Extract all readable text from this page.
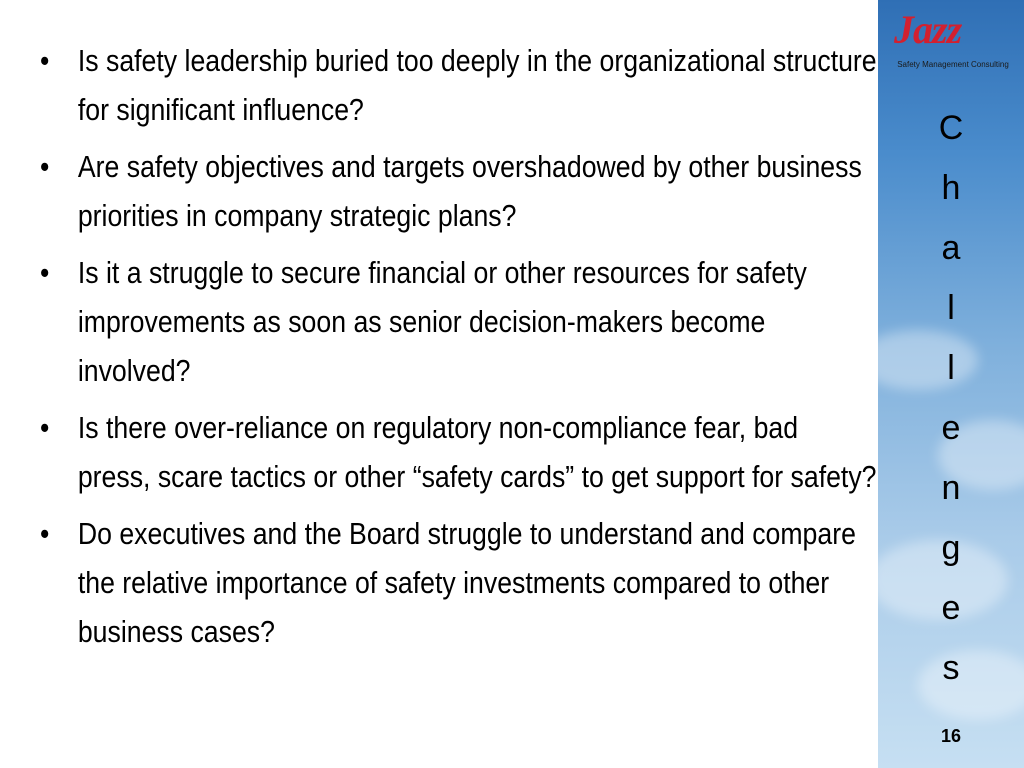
• Is safety leadership buried too deeply in the organizational structure for significant influence?
• Are safety objectives and targets overshadowed by other business priorities in company strategic plans?
• Is it a struggle to secure financial or other resources for safety improvements as soon as senior decision-makers become involved?
• Is there over-reliance on regulatory non-compliance fear, bad press, scare tactics or other “safety cards” to get support for safety?
• Do executives and the Board struggle to understand and compare the relative importance of safety investments compared to other business cases?
Jazz
Safety Management Consulting
C
h
a
l
l
e
n
g
e
s
16
